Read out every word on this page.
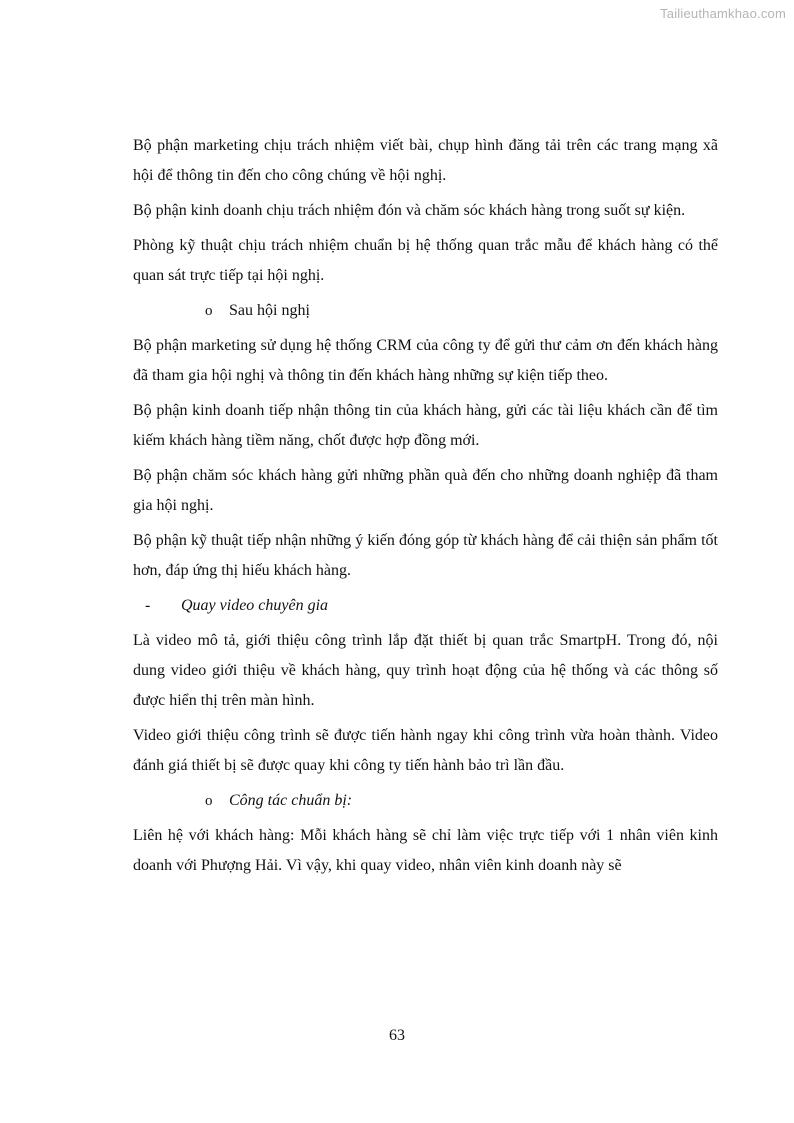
Tailieuthamkhao.com

Bộ phận marketing chịu trách nhiệm viết bài, chụp hình đăng tải trên các trang mạng xã hội để thông tin đến cho công chúng về hội nghị.

Bộ phận kinh doanh chịu trách nhiệm đón và chăm sóc khách hàng trong suốt sự kiện.

Phòng kỹ thuật chịu trách nhiệm chuẩn bị hệ thống quan trắc mẫu để khách hàng có thể quan sát trực tiếp tại hội nghị.

o Sau hội nghị

Bộ phận marketing sử dụng hệ thống CRM của công ty để gửi thư cảm ơn đến khách hàng đã tham gia hội nghị và thông tin đến khách hàng những sự kiện tiếp theo.

Bộ phận kinh doanh tiếp nhận thông tin của khách hàng, gửi các tài liệu khách cần để tìm kiếm khách hàng tiềm năng, chốt được hợp đồng mới.

Bộ phận chăm sóc khách hàng gửi những phần quà đến cho những doanh nghiệp đã tham gia hội nghị.

Bộ phận kỹ thuật tiếp nhận những ý kiến đóng góp từ khách hàng để cải thiện sản phẩm tốt hơn, đáp ứng thị hiếu khách hàng.

- Quay video chuyên gia

Là video mô tả, giới thiệu công trình lắp đặt thiết bị quan trắc SmartpH. Trong đó, nội dung video giới thiệu về khách hàng, quy trình hoạt động của hệ thống và các thông số được hiển thị trên màn hình.

Video giới thiệu công trình sẽ được tiến hành ngay khi công trình vừa hoàn thành. Video đánh giá thiết bị sẽ được quay khi công ty tiến hành bảo trì lần đầu.

o Công tác chuẩn bị:

Liên hệ với khách hàng: Mỗi khách hàng sẽ chỉ làm việc trực tiếp với 1 nhân viên kinh doanh với Phượng Hải. Vì vậy, khi quay video, nhân viên kinh doanh này sẽ

63
